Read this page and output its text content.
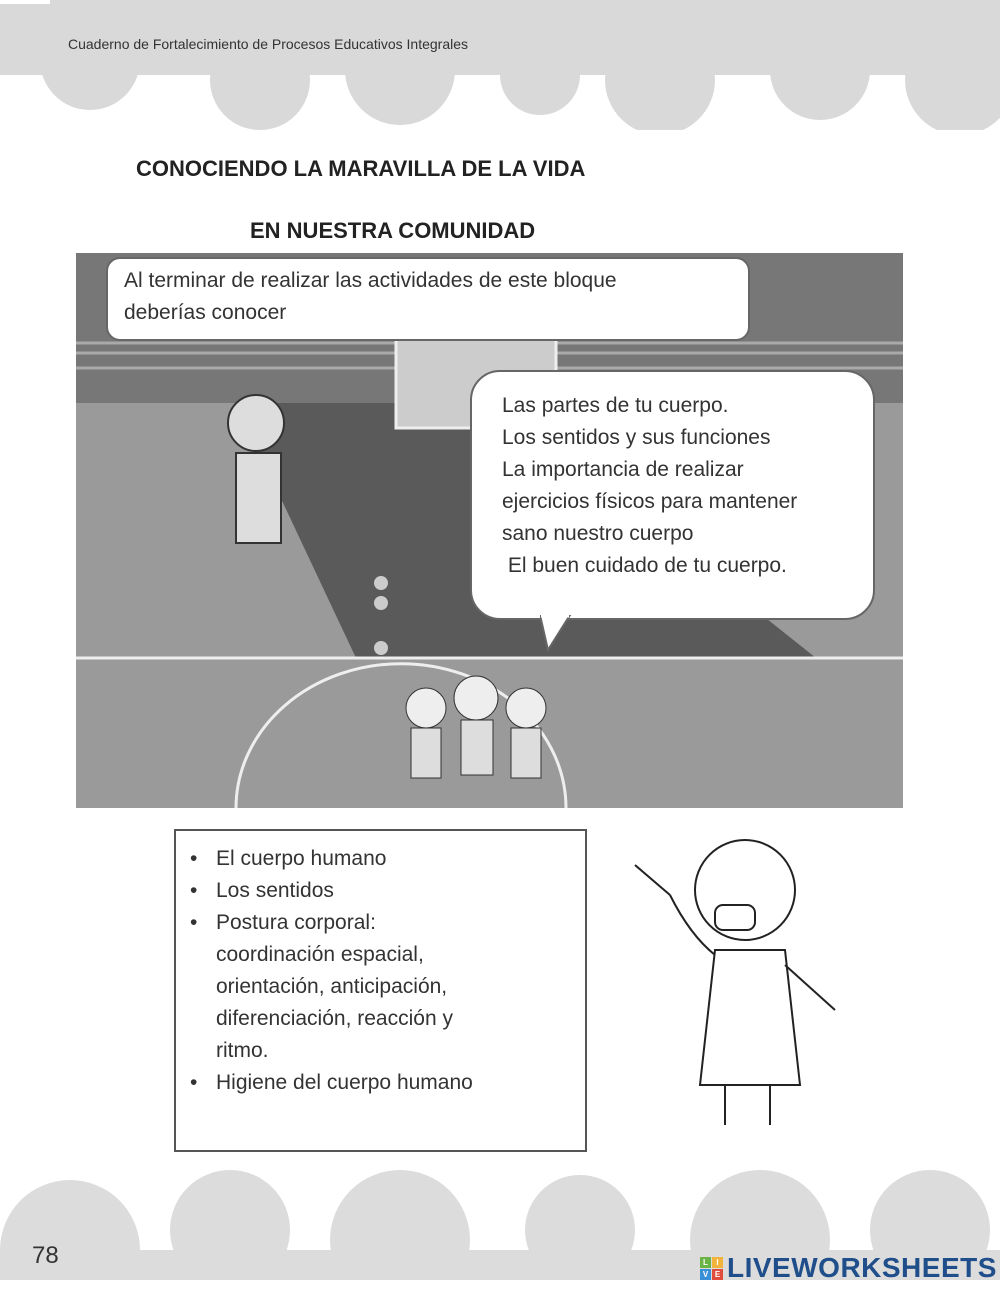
Cuaderno de Fortalecimiento de Procesos Educativos Integrales
CONOCIENDO LA MARAVILLA DE LA VIDA
EN NUESTRA COMUNIDAD
Al terminar de realizar las actividades de este bloque
deberías conocer
Las partes de tu cuerpo.
Los sentidos y sus funciones
La importancia de realizar
ejercicios físicos para mantener
sano nuestro cuerpo
El buen cuidado de tu cuerpo.
• El cuerpo humano
• Los sentidos
• Postura corporal:
coordinación espacial,
orientación, anticipación,
diferenciación, reacción y
ritmo.
• Higiene del cuerpo humano
78	L	I
V E LIVEWORKSHEETS
